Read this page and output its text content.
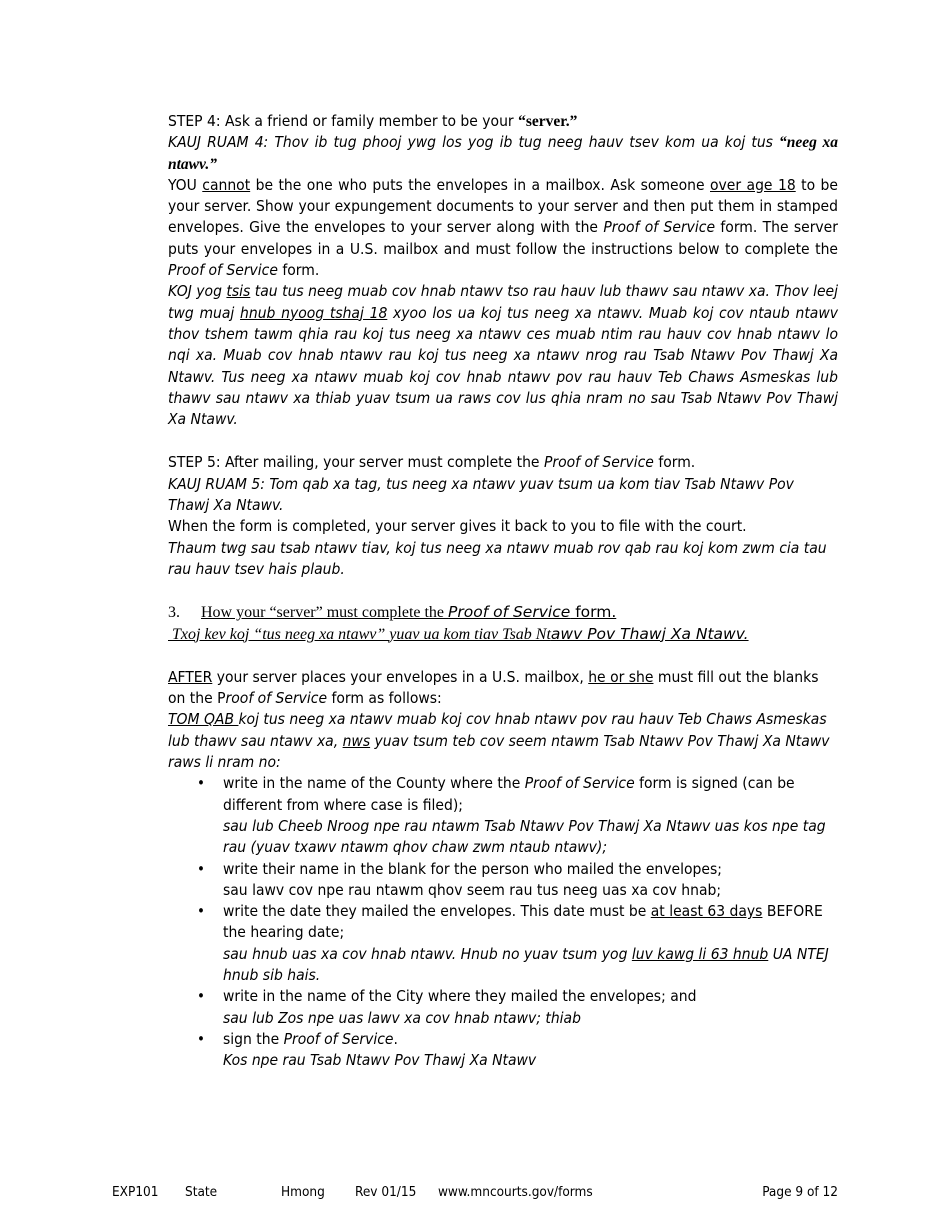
STEP 4: Ask a friend or family member to be your “server.”

KAUJ RUAM 4: Thov ib tug phooj ywg los yog ib tug neeg hauv tsev kom ua koj tus “neeg xa ntawv.”

YOU cannot be the one who puts the envelopes in a mailbox. Ask someone over age 18 to be your server. Show your expungement documents to your server and then put them in stamped envelopes. Give the envelopes to your server along with the Proof of Service form. The server puts your envelopes in a U.S. mailbox and must follow the instructions below to complete the Proof of Service form.

KOJ yog tsis tau tus neeg muab cov hnab ntawv tso rau hauv lub thawv sau ntawv xa. Thov leej twg muaj hnub nyoog tshaj 18 xyoo los ua koj tus neeg xa ntawv. Muab koj cov ntaub ntawv thov tshem tawm qhia rau koj tus neeg xa ntawv ces muab ntim rau hauv cov hnab ntawv lo nqi xa. Muab cov hnab ntawv rau koj tus neeg xa ntawv nrog rau Tsab Ntawv Pov Thawj Xa Ntawv. Tus neeg xa ntawv muab koj cov hnab ntawv pov rau hauv Teb Chaws Asmeskas lub thawv sau ntawv xa thiab yuav tsum ua raws cov lus qhia nram no sau Tsab Ntawv Pov Thawj Xa Ntawv.

STEP 5: After mailing, your server must complete the Proof of Service form.

KAUJ RUAM 5: Tom qab xa tag, tus neeg xa ntawv yuav tsum ua kom tiav Tsab Ntawv Pov Thawj Xa Ntawv.

When the form is completed, your server gives it back to you to file with the court.

Thaum twg sau tsab ntawv tiav, koj tus neeg xa ntawv muab rov qab rau koj kom zwm cia tau rau hauv tsev hais plaub.

3. How your “server” must complete the Proof of Service form.

Txoj kev koj “tus neeg xa ntawv” yuav ua kom tiav Tsab Ntawv Pov Thawj Xa Ntawv.

AFTER your server places your envelopes in a U.S. mailbox, he or she must fill out the blanks on the Proof of Service form as follows:

TOM QAB koj tus neeg xa ntawv muab koj cov hnab ntawv pov rau hauv Teb Chaws Asmeskas lub thawv sau ntawv xa, nws yuav tsum teb cov seem ntawm Tsab Ntawv Pov Thawj Xa Ntawv raws li nram no:

• write in the name of the County where the Proof of Service form is signed (can be different from where case is filed);
sau lub Cheeb Nroog npe rau ntawm Tsab Ntawv Pov Thawj Xa Ntawv uas kos npe tag rau (yuav txawv ntawm qhov chaw zwm ntaub ntawv);
• write their name in the blank for the person who mailed the envelopes;
sau lawv cov npe rau ntawm qhov seem rau tus neeg uas xa cov hnab;
• write the date they mailed the envelopes. This date must be at least 63 days BEFORE the hearing date;
sau hnub uas xa cov hnab ntawv. Hnub no yuav tsum yog luv kawg li 63 hnub UA NTEJ hnub sib hais.
• write in the name of the City where they mailed the envelopes; and
sau lub Zos npe uas lawv xa cov hnab ntawv; thiab
• sign the Proof of Service.
Kos npe rau Tsab Ntawv Pov Thawj Xa Ntawv
EXP101 State	Hmong Rev 01/15 www.mncourts.gov/forms	Page 9 of 12
